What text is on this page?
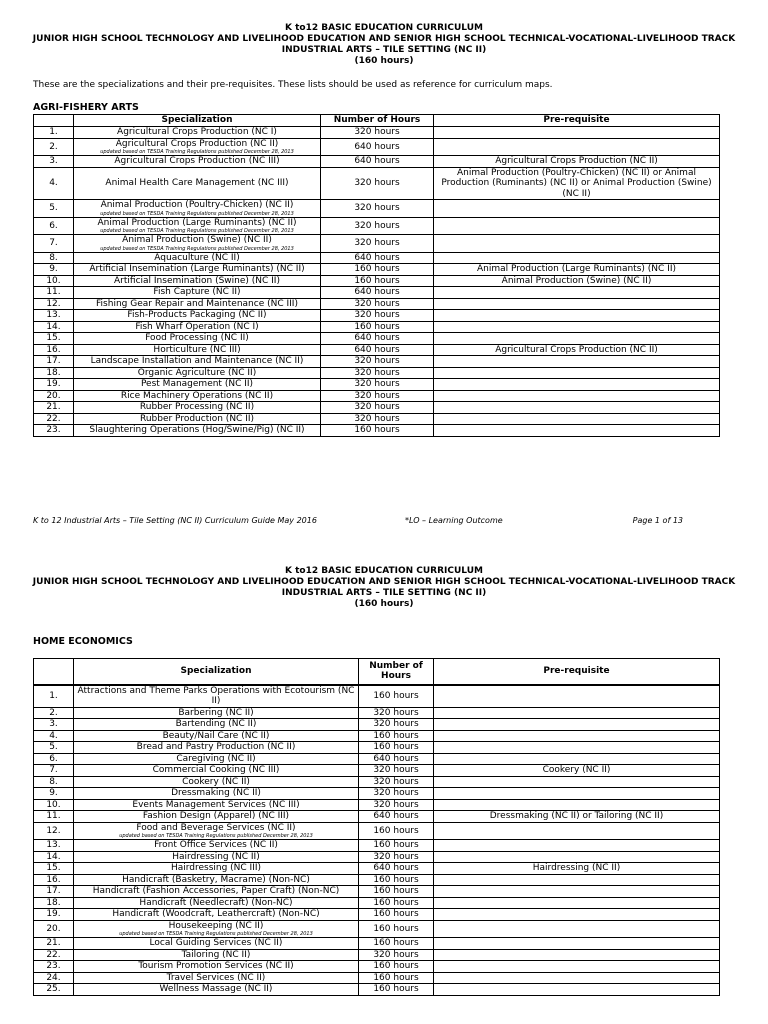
K to12 BASIC EDUCATION CURRICULUM
JUNIOR HIGH SCHOOL TECHNOLOGY AND LIVELIHOOD EDUCATION AND SENIOR HIGH SCHOOL TECHNICAL-VOCATIONAL-LIVELIHOOD TRACK
INDUSTRIAL ARTS – TILE SETTING (NC II)
(160 hours)
These are the specializations and their pre-requisites. These lists should be used as reference for curriculum maps.
AGRI-FISHERY ARTS
	Specialization	Number of Hours	Pre-requisite
1.	Agricultural Crops Production (NC I)	320 hours	
2.	Agricultural Crops Production (NC II)
updated based on TESDA Training Regulations published December 28, 2013	640 hours	
3.	Agricultural Crops Production (NC III)	640 hours	Agricultural Crops Production (NC II)
4.	Animal Health Care Management (NC III)	320 hours	Animal Production (Poultry-Chicken) (NC II) or Animal Production (Ruminants) (NC II) or Animal Production (Swine) (NC II)
5.	Animal Production (Poultry-Chicken) (NC II)
updated based on TESDA Training Regulations published December 28, 2013	320 hours	
6.	Animal Production (Large Ruminants) (NC II)
updated based on TESDA Training Regulations published December 28, 2013	320 hours	
7.	Animal Production (Swine) (NC II)
updated based on TESDA Training Regulations published December 28, 2013	320 hours	
8.	Aquaculture (NC II)	640 hours	
9.	Artificial Insemination (Large Ruminants) (NC II)	160 hours	Animal Production (Large Ruminants) (NC II)
10.	Artificial Insemination (Swine) (NC II)	160 hours	Animal Production (Swine) (NC II)
11.	Fish Capture (NC II)	640 hours	
12.	Fishing Gear Repair and Maintenance (NC III)	320 hours	
13.	Fish-Products Packaging (NC II)	320 hours	
14.	Fish Wharf Operation (NC I)	160 hours	
15.	Food Processing (NC II)	640 hours	
16.	Horticulture (NC III)	640 hours	Agricultural Crops Production (NC II)
17.	Landscape Installation and Maintenance (NC II)	320 hours	
18.	Organic Agriculture (NC II)	320 hours	
19.	Pest Management (NC II)	320 hours	
20.	Rice Machinery Operations (NC II)	320 hours	
21.	Rubber Processing (NC II)	320 hours	
22.	Rubber Production (NC II)	320 hours	
23.	Slaughtering Operations (Hog/Swine/Pig) (NC II)	160 hours	
K to 12 Industrial Arts – Tile Setting (NC II) Curriculum Guide May 2016	*LO – Learning Outcome	Page 1 of 13
K to12 BASIC EDUCATION CURRICULUM
JUNIOR HIGH SCHOOL TECHNOLOGY AND LIVELIHOOD EDUCATION AND SENIOR HIGH SCHOOL TECHNICAL-VOCATIONAL-LIVELIHOOD TRACK
INDUSTRIAL ARTS – TILE SETTING (NC II)
(160 hours)
HOME ECONOMICS
	Specialization	Number of Hours	Pre-requisite
1.	Attractions and Theme Parks Operations with Ecotourism (NC II)	160 hours	
2.	Barbering (NC II)	320 hours	
3.	Bartending (NC II)	320 hours	
4.	Beauty/Nail Care (NC II)	160 hours	
5.	Bread and Pastry Production (NC II)	160 hours	
6.	Caregiving (NC II)	640 hours	
7.	Commercial Cooking (NC III)	320 hours	Cookery (NC II)
8.	Cookery (NC II)	320 hours	
9.	Dressmaking (NC II)	320 hours	
10.	Events Management Services (NC III)	320 hours	
11.	Fashion Design (Apparel) (NC III)	640 hours	Dressmaking (NC II) or Tailoring (NC II)
12.	Food and Beverage Services (NC II)
updated based on TESDA Training Regulations published December 28, 2013	160 hours	
13.	Front Office Services (NC II)	160 hours	
14.	Hairdressing (NC II)	320 hours	
15.	Hairdressing (NC III)	640 hours	Hairdressing (NC II)
16.	Handicraft (Basketry, Macrame) (Non-NC)	160 hours	
17.	Handicraft (Fashion Accessories, Paper Craft) (Non-NC)	160 hours	
18.	Handicraft (Needlecraft) (Non-NC)	160 hours	
19.	Handicraft (Woodcraft, Leathercraft) (Non-NC)	160 hours	
20.	Housekeeping (NC II)
updated based on TESDA Training Regulations published December 28, 2013	160 hours	
21.	Local Guiding Services (NC II)	160 hours	
22.	Tailoring (NC II)	320 hours	
23.	Tourism Promotion Services (NC II)	160 hours	
24.	Travel Services (NC II)	160 hours	
25.	Wellness Massage (NC II)	160 hours	
